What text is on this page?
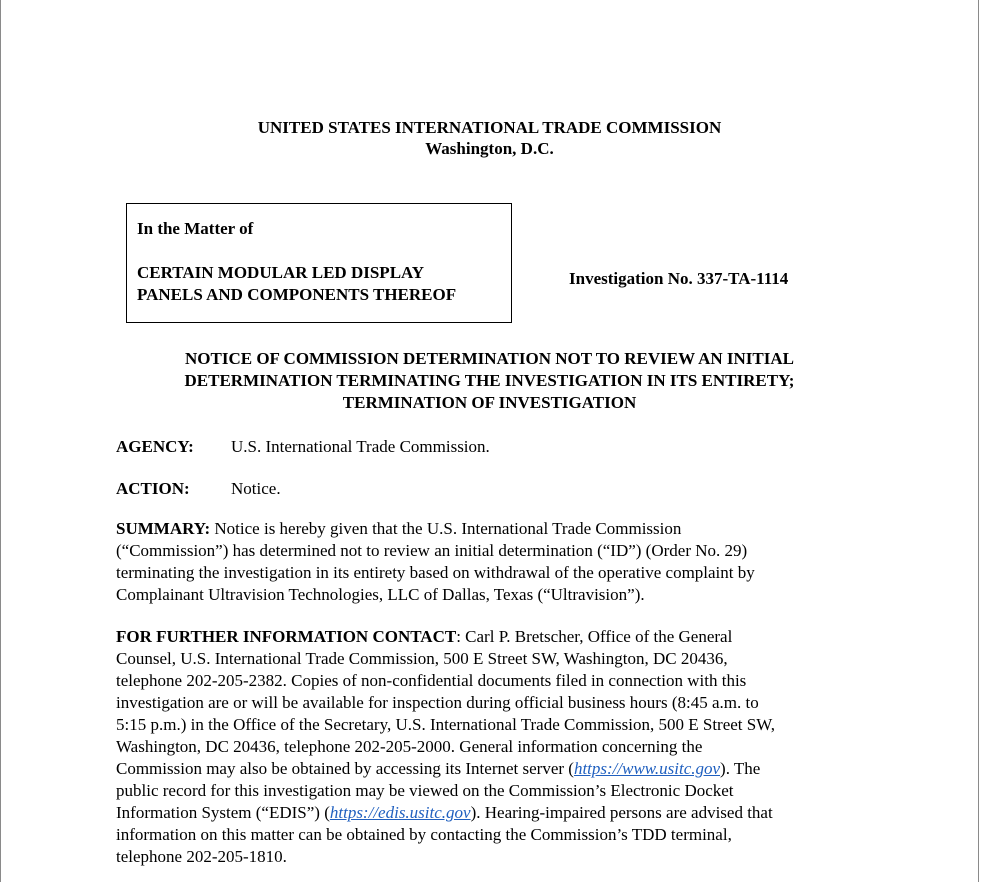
UNITED STATES INTERNATIONAL TRADE COMMISSION
Washington, D.C.
In the Matter of
CERTAIN MODULAR LED DISPLAY
PANELS AND COMPONENTS THEREOF
Investigation No. 337-TA-1114
NOTICE OF COMMISSION DETERMINATION NOT TO REVIEW AN INITIAL
DETERMINATION TERMINATING THE INVESTIGATION IN ITS ENTIRETY;
TERMINATION OF INVESTIGATION
AGENCY: U.S. International Trade Commission.
ACTION: Notice.
SUMMARY: Notice is hereby given that the U.S. International Trade Commission
(“Commission”) has determined not to review an initial determination (“ID”) (Order No. 29)
terminating the investigation in its entirety based on withdrawal of the operative complaint by
Complainant Ultravision Technologies, LLC of Dallas, Texas (“Ultravision”).
FOR FURTHER INFORMATION CONTACT: Carl P. Bretscher, Office of the General
Counsel, U.S. International Trade Commission, 500 E Street SW, Washington, DC 20436,
telephone 202-205-2382. Copies of non-confidential documents filed in connection with this
investigation are or will be available for inspection during official business hours (8:45 a.m. to
5:15 p.m.) in the Office of the Secretary, U.S. International Trade Commission, 500 E Street SW,
Washington, DC 20436, telephone 202-205-2000. General information concerning the
Commission may also be obtained by accessing its Internet server (https://www.usitc.gov). The
public record for this investigation may be viewed on the Commission’s Electronic Docket
Information System (“EDIS”) (https://edis.usitc.gov). Hearing-impaired persons are advised that
information on this matter can be obtained by contacting the Commission’s TDD terminal,
telephone 202-205-1810.
